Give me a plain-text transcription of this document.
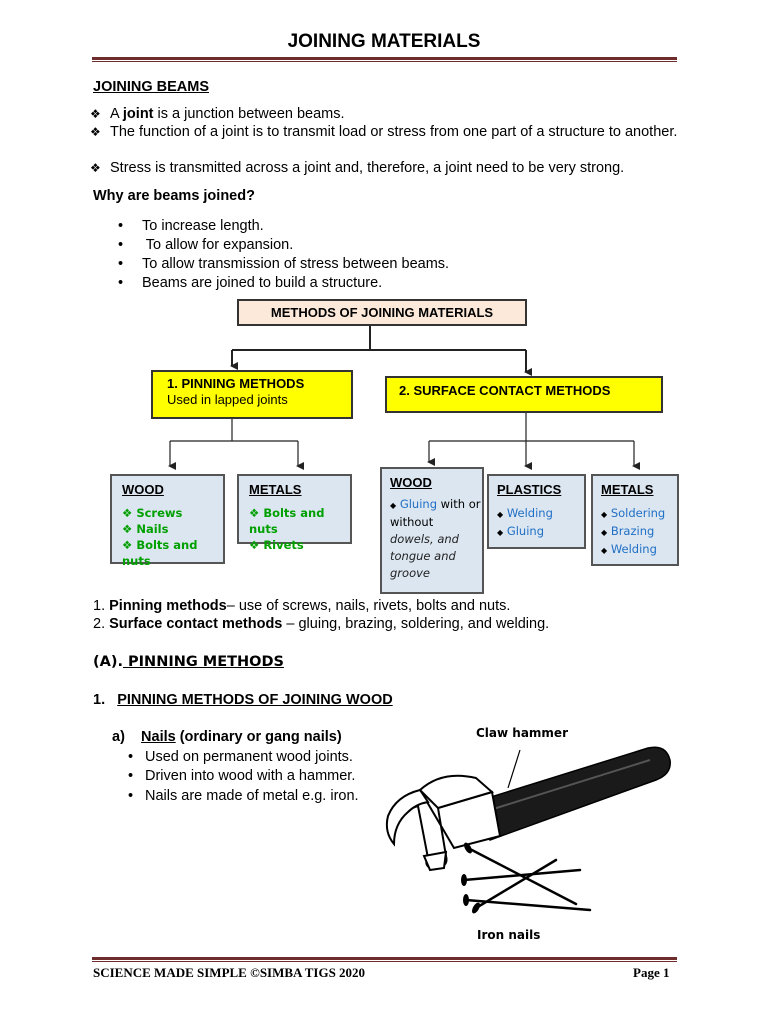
JOINING MATERIALS
JOINING BEAMS
❖ A joint is a junction between beams.
❖ The function of a joint is to transmit load or stress from one part of a structure to another.
❖ Stress is transmitted across a joint and, therefore, a joint need to be very strong.
Why are beams joined?
• To increase length.
• To allow for expansion.
• To allow transmission of stress between beams.
• Beams are joined to build a structure.
METHODS OF JOINING MATERIALS
1. PINNING METHODS
Used in lapped joints
2. SURFACE CONTACT METHODS
WOOD
❖ Screws
❖ Nails
❖ Bolts and nuts
METALS
❖ Bolts and nuts
❖ Rivets
WOOD
◆ Gluing with or
without
dowels, and
tongue and
groove
PLASTICS
◆ Welding
◆ Gluing
METALS
◆ Soldering
◆ Brazing
◆ Welding
1. Pinning methods– use of screws, nails, rivets, bolts and nuts.
2. Surface contact methods – gluing, brazing, soldering, and welding.
(A). PINNING METHODS
1. PINNING METHODS OF JOINING WOOD
a) Nails (ordinary or gang nails)
• Used on permanent wood joints.
• Driven into wood with a hammer.
• Nails are made of metal e.g. iron.
Claw hammer
Iron nails
SCIENCE MADE SIMPLE ©SIMBA TIGS 2020	Page 1
